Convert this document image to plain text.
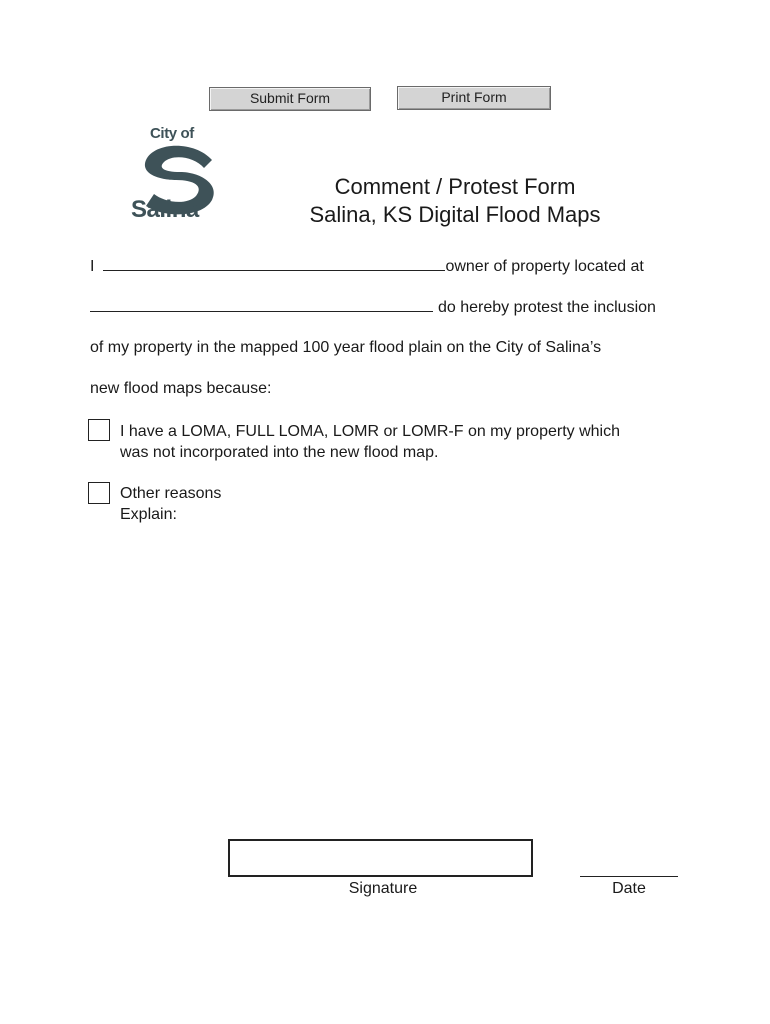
Submit Form	Print Form
City of
Salina
Comment / Protest Form
Salina, KS Digital Flood Maps
I	owner of property located at
do hereby protest the inclusion
of my property in the mapped 100 year flood plain on the City of Salina’s
new flood maps because:
I have a LOMA, FULL LOMA, LOMR or LOMR-F on my property which
was not incorporated into the new flood map.
Other reasons
Explain:
Signature	Date
